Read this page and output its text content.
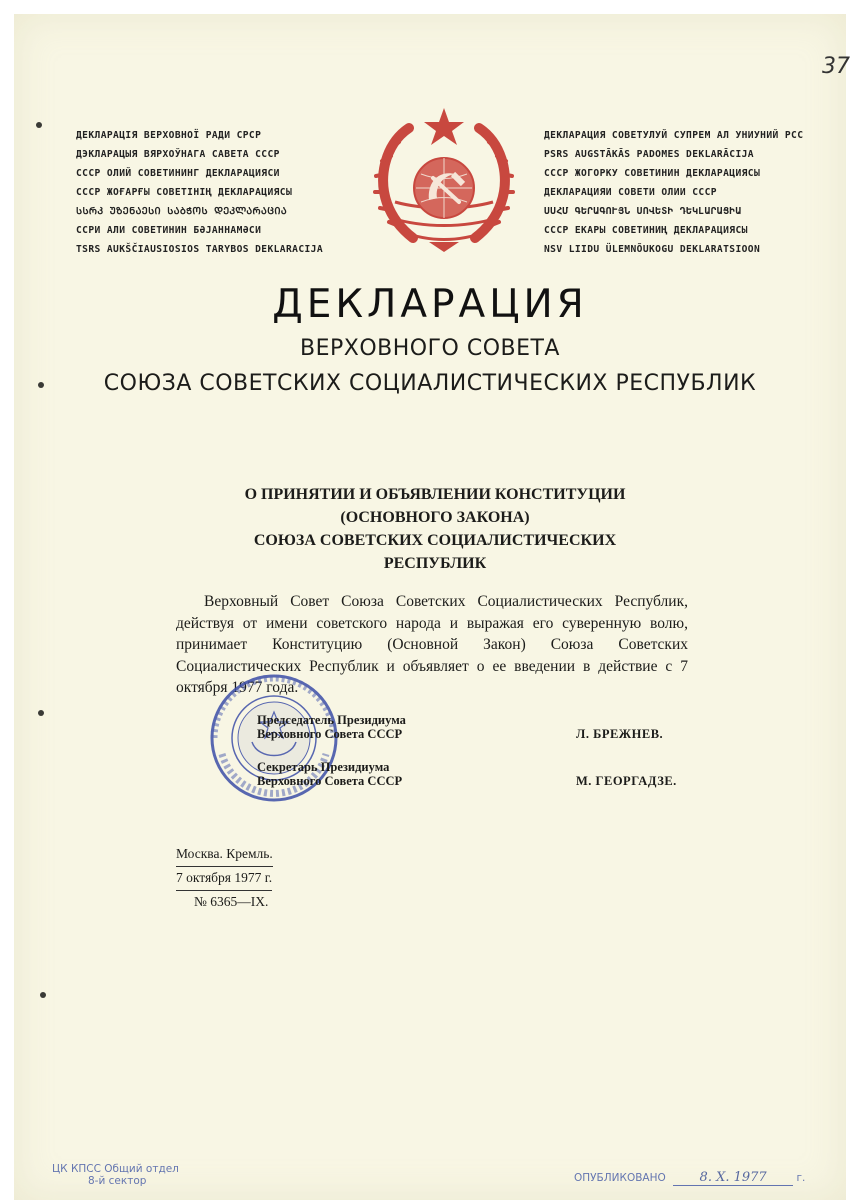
37
ДЕКЛАРАЦІЯ ВЕРХОВНОЇ РАДИ СРСР
ДЭКЛАРАЦЫЯ ВЯРХОЎНАГА САВЕТА СССР
СССР ОЛИЙ СОВЕТИНИНГ ДЕКЛАРАЦИЯСИ
СССР ЖОҒАРҒЫ СОВЕТІНІҢ ДЕКЛАРАЦИЯСЫ
ᲡᲡᲠᲙ ᲣᲖᲔᲜᲐᲔᲡᲘ ᲡᲐᲑᲭᲝᲡ ᲓᲔᲙᲚᲐᲠᲐᲪᲘᲐ
ССРИ АЛИ СОВЕТИНИН БӘЈАННАМӘСИ
TSRS AUKŠČIAUSIOSIOS TARYBOS DEKLARACIJA
ДЕКЛАРАЦИЯ СОВЕТУЛУЙ СУПРЕМ АЛ УНИУНИЙ РСС
PSRS AUGSTĀKĀS PADOMES DEKLARĀCIJA
СССР ЖОГОРКУ СОВЕТИНИН ДЕКЛАРАЦИЯСЫ
ДЕКЛАРАЦИЯИ СОВЕТИ ОЛИИ СССР
ՍՍՀՄ ԳԵՐԱԳՈՒՅՆ ՍՈՎԵՏԻ ԴԵԿԼԱՐԱՑԻԱ
СССР ЕКАРЫ СОВЕТИНИҢ ДЕКЛАРАЦИЯСЫ
NSV LIIDU ÜLEMNÕUKOGU DEKLARATSIOON
ДЕКЛАРАЦИЯ
ВЕРХОВНОГО СОВЕТА
СОЮЗА СОВЕТСКИХ СОЦИАЛИСТИЧЕСКИХ РЕСПУБЛИК
О ПРИНЯТИИ И ОБЪЯВЛЕНИИ КОНСТИТУЦИИ
(ОСНОВНОГО ЗАКОНА)
СОЮЗА СОВЕТСКИХ СОЦИАЛИСТИЧЕСКИХ
РЕСПУБЛИК
Верховный Совет Союза Советских Социалистических Республик, действуя от имени советского народа и выражая его суверенную волю, принимает Конституцию (Основной Закон) Союза Советских Социалистических Республик и объявляет о ее введении в действие с 7 октября 1977 года.
Председатель Президиума
Верховного Совета СССР	Л. БРЕЖНЕВ.
Секретарь Президиума
Верховного Совета СССР	М. ГЕОРГАДЗЕ.
Москва. Кремль.
7 октября 1977 г.
№ 6365—IX.
ЦК КПСС Общий отдел
8-й сектор	ОПУБЛИКОВАНО	8. X. 1977	г.
